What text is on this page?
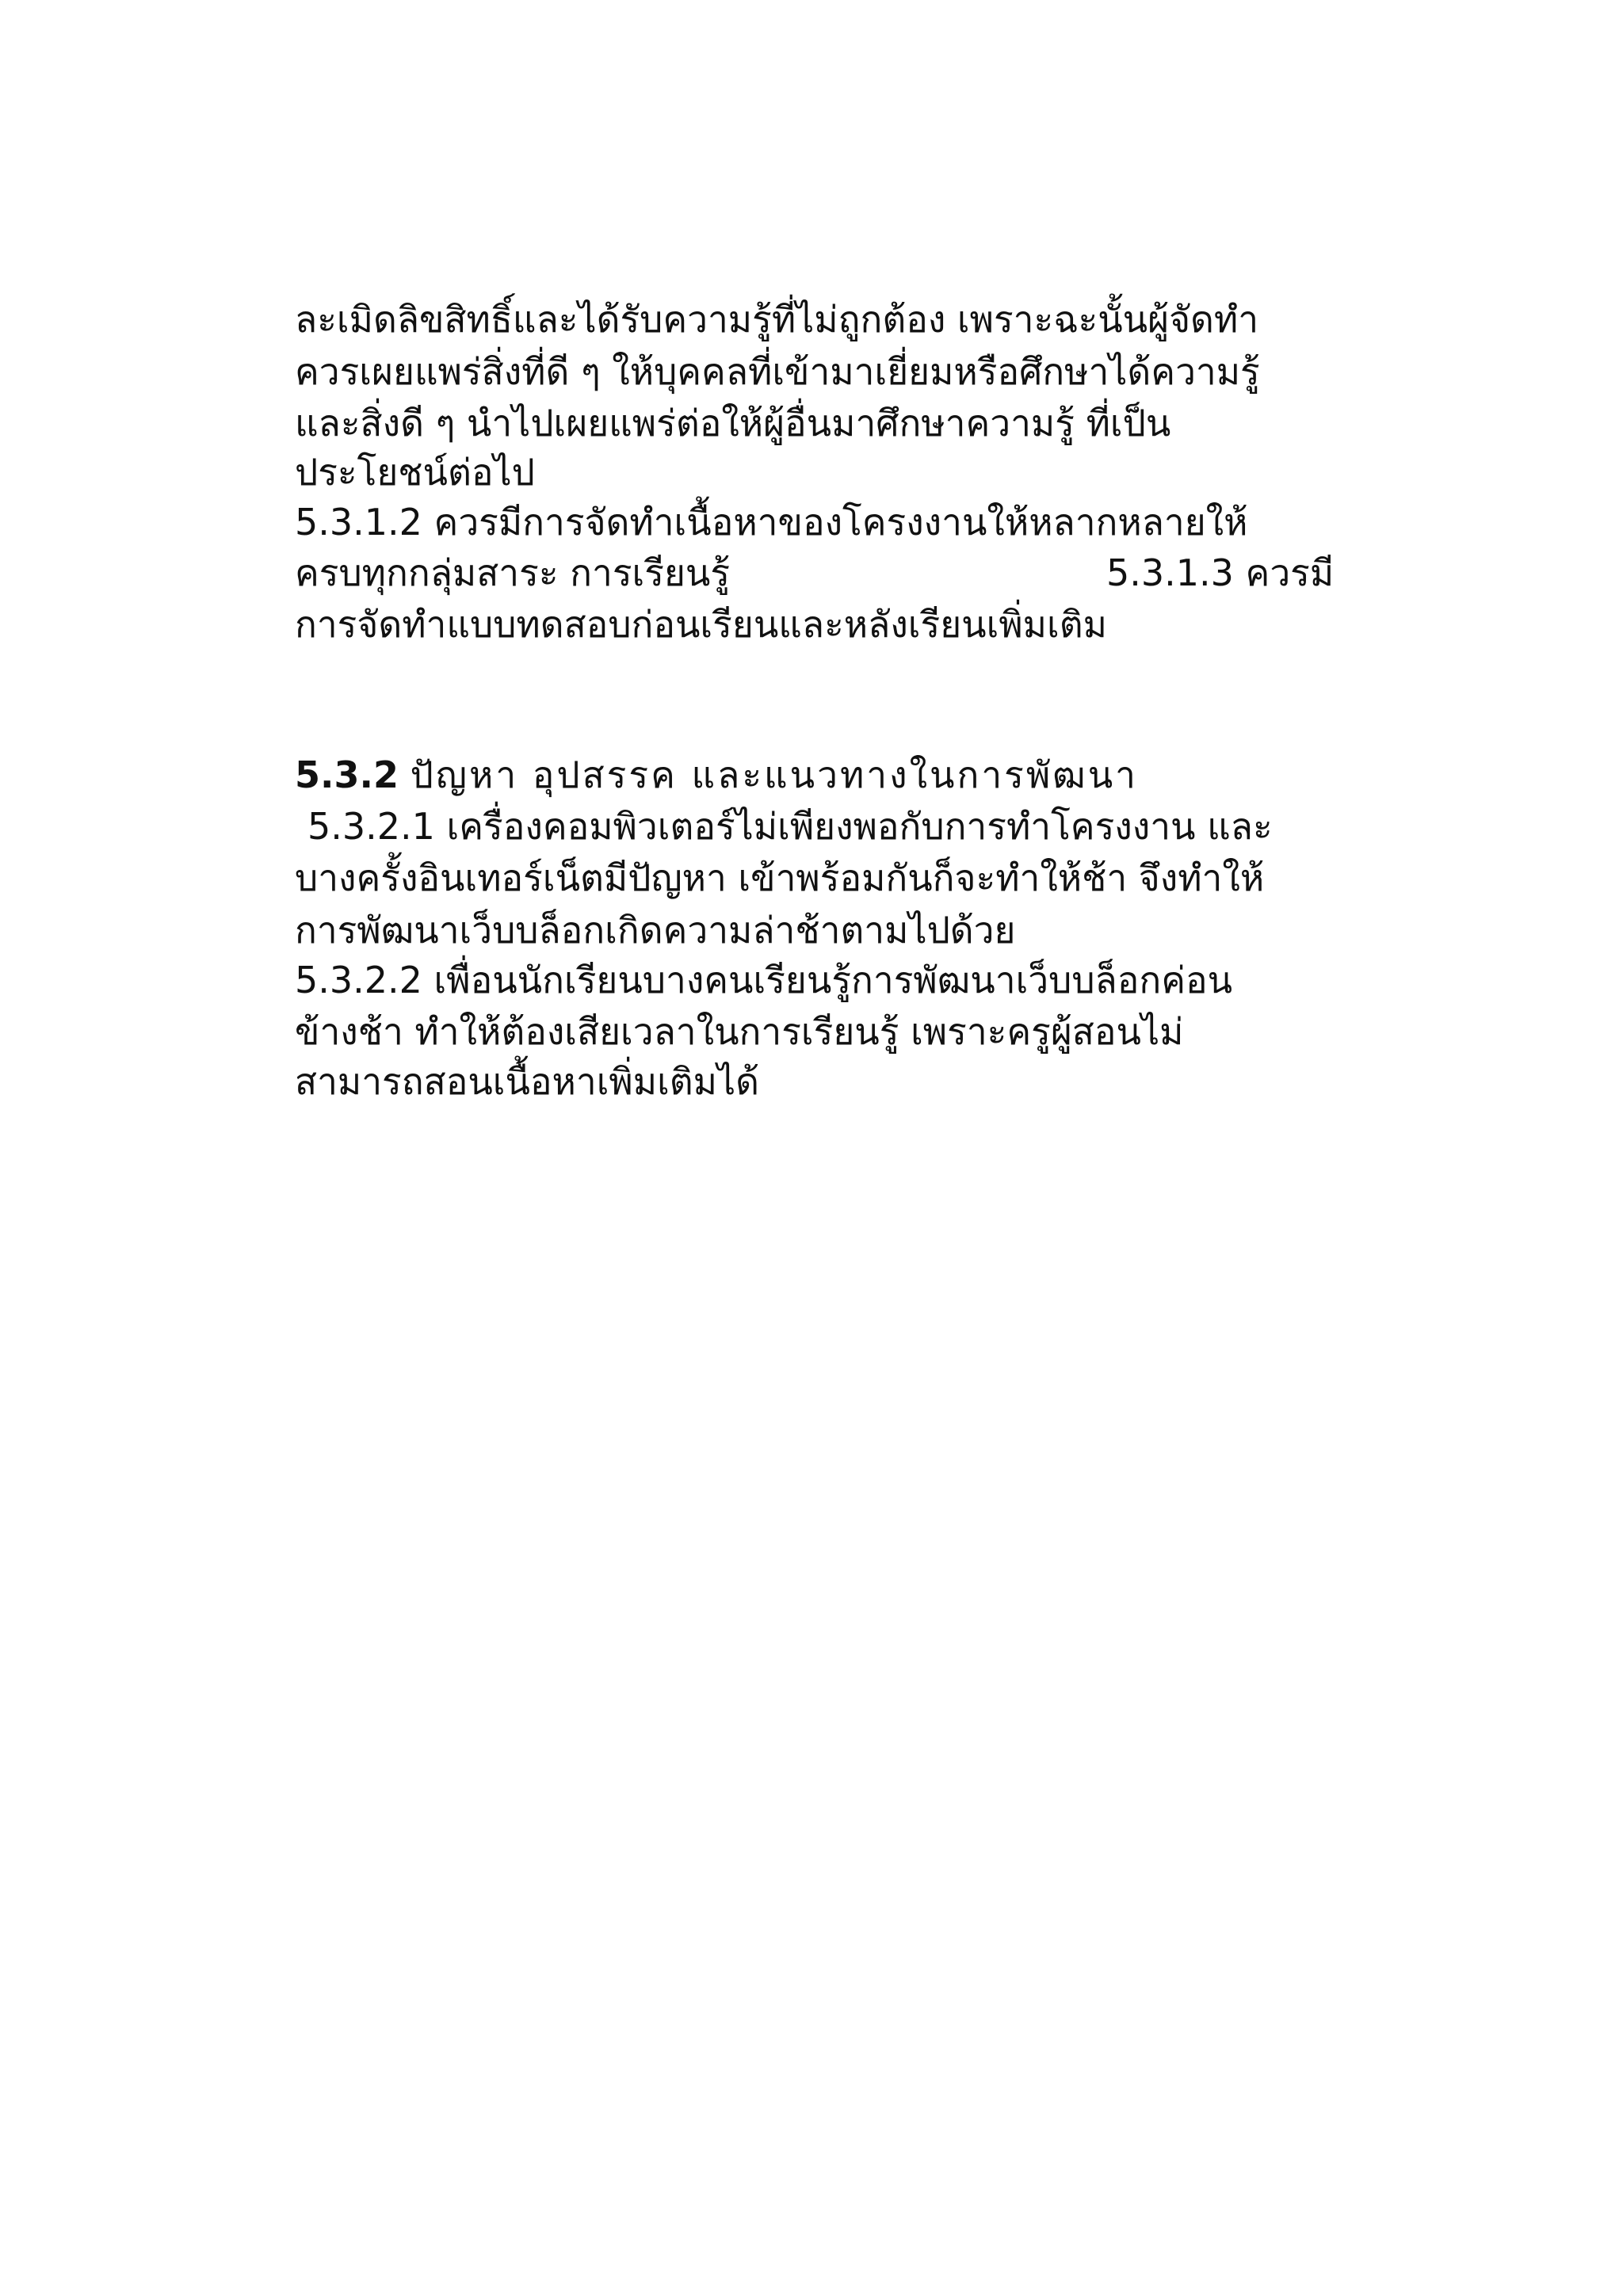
ละเมิดลิขสิทธิ์และได้รับความรู้ที่ไม่ถูกต้อง เพราะฉะนั้นผู้จัดทำ
ควรเผยแพร่สิ่งที่ดี ๆ ให้บุคคลที่เข้ามาเยี่ยมหรือศึกษาได้ความรู้
และสิ่งดี ๆ นำไปเผยแพร่ต่อให้ผู้อื่นมาศึกษาความรู้ ที่เป็น
ประโยชน์ต่อไป
5.3.1.2 ควรมีการจัดทำเนื้อหาของโครงงานให้หลากหลายให้
ครบทุกกลุ่มสาระ การเรียนรู้	5.3.1.3 ควรมี
การจัดทำแบบทดสอบก่อนเรียนและหลังเรียนเพิ่มเติม
5.3.2 ปัญหา อุปสรรค และแนวทางในการพัฒนา
5.3.2.1 เครื่องคอมพิวเตอร์ไม่เพียงพอกับการทำโครงงาน และ
บางครั้งอินเทอร์เน็ตมีปัญหา เข้าพร้อมกันก็จะทำให้ช้า จึงทำให้
การพัฒนาเว็บบล็อกเกิดความล่าช้าตามไปด้วย
5.3.2.2 เพื่อนนักเรียนบางคนเรียนรู้การพัฒนาเว็บบล็อกค่อน
ข้างช้า ทำให้ต้องเสียเวลาในการเรียนรู้ เพราะครูผู้สอนไม่
สามารถสอนเนื้อหาเพิ่มเติมได้
